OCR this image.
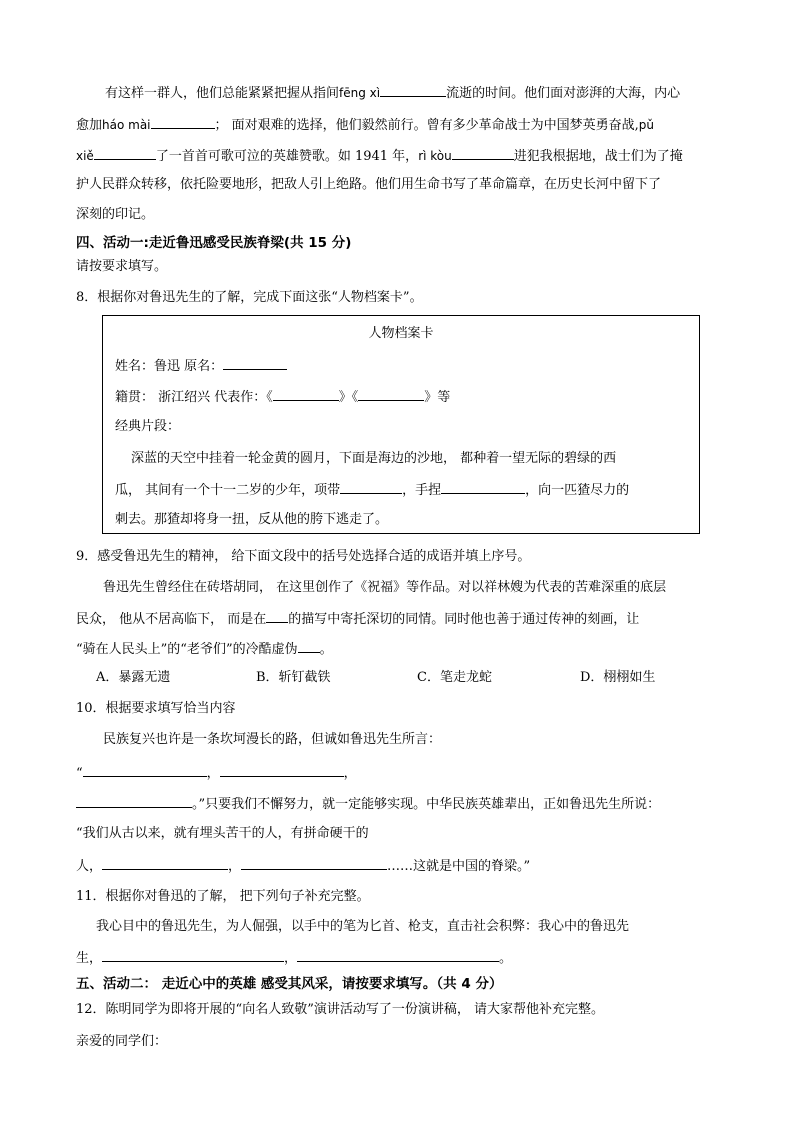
有这样一群人，他们总能紧紧把握从指间fēng xì	流逝的时间。他们面对澎湃的大海，内心
愈加háo mài	； 面对艰难的选择，他们毅然前行。曾有多少革命战士为中国梦英勇奋战,pǔ
xiě	了一首首可歌可泣的英雄赞歌。如 1941 年，rì kòu	进犯我根据地，战士们为了掩
护人民群众转移，依托险要地形，把敌人引上绝路。他们用生命书写了革命篇章，在历史长河中留下了
深刻的印记。
四、活动一:走近鲁迅感受民族脊梁(共 15 分)
请按要求填写。
8．根据你对鲁迅先生的了解，完成下面这张“人物档案卡”。
人物档案卡
姓名：鲁迅 原名：
籍贯： 浙江绍兴 代表作：《	》《	》等
经典片段：
深蓝的天空中挂着一轮金黄的圆月，下面是海边的沙地， 都种着一望无际的碧绿的西
瓜， 其间有一个十一二岁的少年，项带	，手捏	，向一匹猹尽力的
刺去。那猹却将身一扭，反从他的胯下逃走了。
9．感受鲁迅先生的精神， 给下面文段中的括号处选择合适的成语并填上序号。
鲁迅先生曾经住在砖塔胡同， 在这里创作了《祝福》等作品。对以祥林嫂为代表的苦难深重的底层
民众， 他从不居高临下， 而是在 的描写中寄托深切的同情。同时他也善于通过传神的刻画，让
“骑在人民头上”的“老爷们”的冷酷虚伪 。
A．暴露无遗	B．斩钉截铁	C．笔走龙蛇	D．栩栩如生
10．根据要求填写恰当内容
民族复兴也许是一条坎坷漫长的路，但诚如鲁迅先生所言：
“	，	，
。”只要我们不懈努力，就一定能够实现。中华民族英雄辈出，正如鲁迅先生所说：
“我们从古以来，就有埋头苦干的人，有拼命硬干的
人，	，	……这就是中国的脊梁。”
11．根据你对鲁迅的了解， 把下列句子补充完整。
我心目中的鲁迅先生，为人倔强，以手中的笔为匕首、枪支，直击社会积弊：我心中的鲁迅先
生，	，	。
五、活动二： 走近心中的英雄 感受其风采，请按要求填写。（共 4 分）
12．陈明同学为即将开展的“向名人致敬”演讲活动写了一份演讲稿， 请大家帮他补充完整。
亲爱的同学们：
